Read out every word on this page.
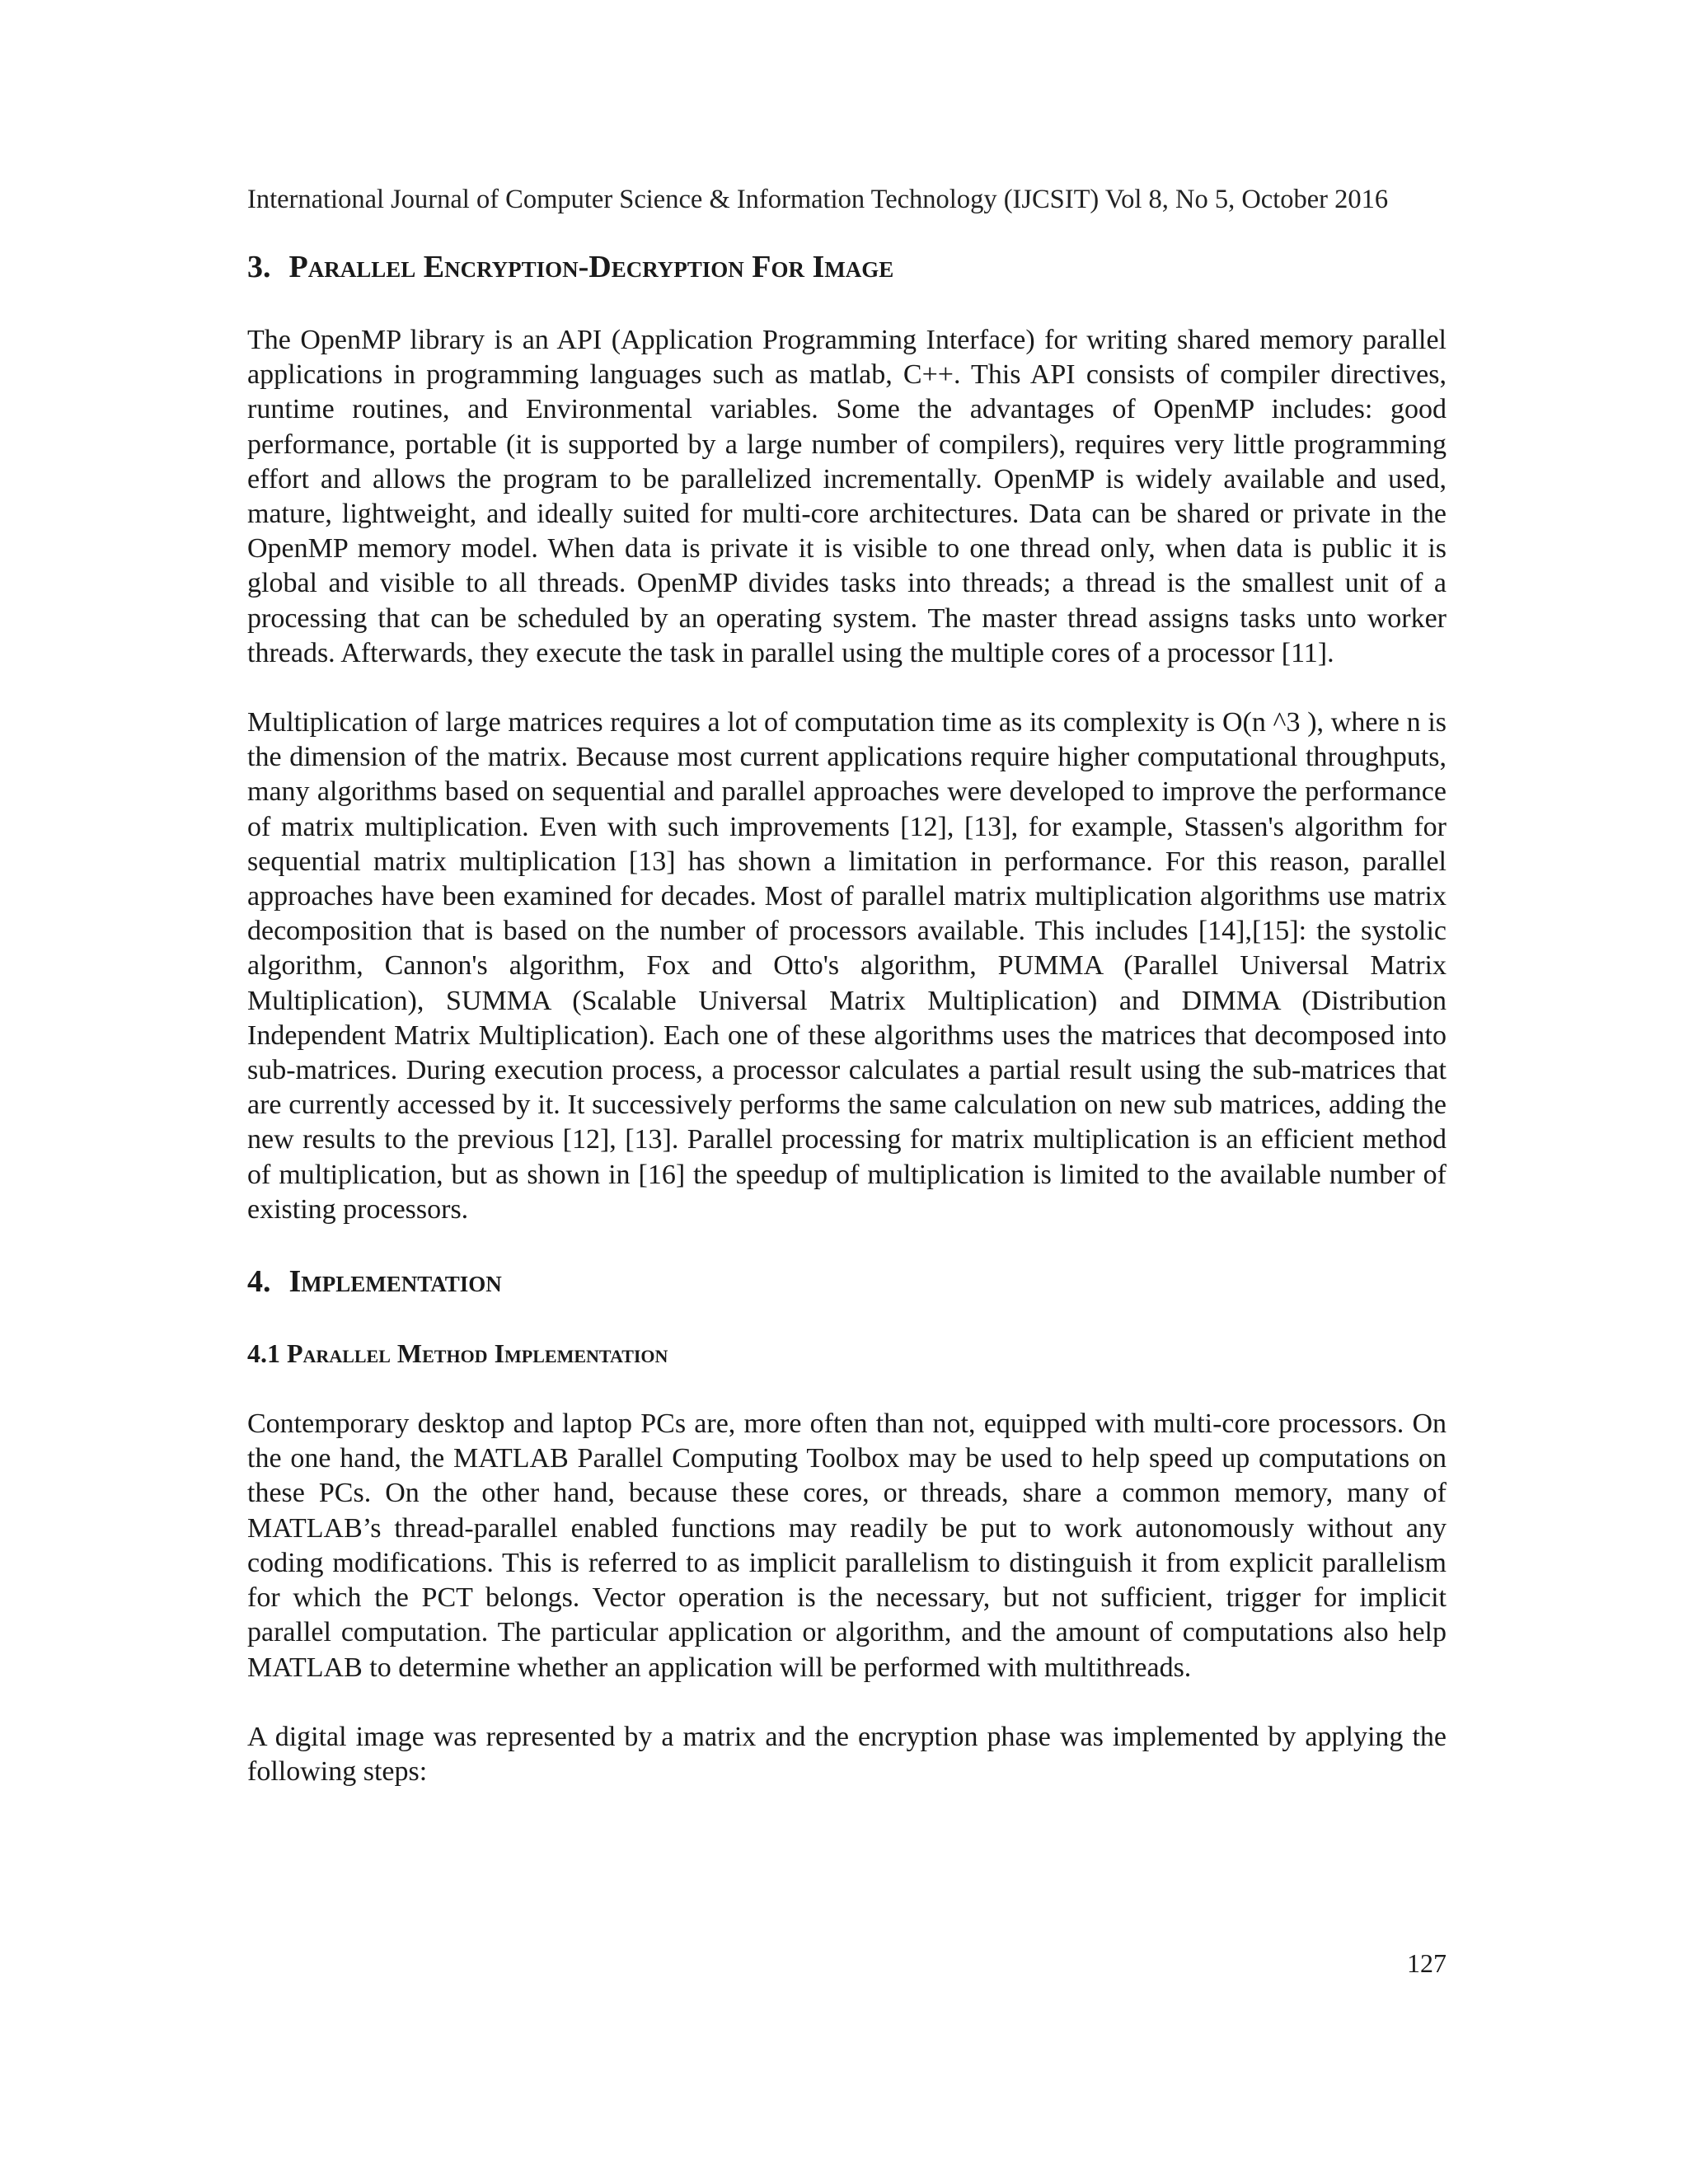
International Journal of Computer Science & Information Technology (IJCSIT) Vol 8, No 5, October 2016
3. Parallel Encryption-Decryption For Image

The OpenMP library is an API (Application Programming Interface) for writing shared memory parallel applications in programming languages such as matlab, C++. This API consists of compiler directives, runtime routines, and Environmental variables. Some the advantages of OpenMP includes: good performance, portable (it is supported by a large number of compilers), requires very little programming effort and allows the program to be parallelized incrementally. OpenMP is widely available and used, mature, lightweight, and ideally suited for multi-core architectures. Data can be shared or private in the OpenMP memory model. When data is private it is visible to one thread only, when data is public it is global and visible to all threads. OpenMP divides tasks into threads; a thread is the smallest unit of a processing that can be scheduled by an operating system. The master thread assigns tasks unto worker threads. Afterwards, they execute the task in parallel using the multiple cores of a processor [11].

Multiplication of large matrices requires a lot of computation time as its complexity is O(n ^3 ), where n is the dimension of the matrix. Because most current applications require higher computational throughputs, many algorithms based on sequential and parallel approaches were developed to improve the performance of matrix multiplication. Even with such improvements [12], [13], for example, Stassen's algorithm for sequential matrix multiplication [13] has shown a limitation in performance. For this reason, parallel approaches have been examined for decades. Most of parallel matrix multiplication algorithms use matrix decomposition that is based on the number of processors available. This includes [14],[15]: the systolic algorithm, Cannon's algorithm, Fox and Otto's algorithm, PUMMA (Parallel Universal Matrix Multiplication), SUMMA (Scalable Universal Matrix Multiplication) and DIMMA (Distribution Independent Matrix Multiplication). Each one of these algorithms uses the matrices that decomposed into sub-matrices. During execution process, a processor calculates a partial result using the sub-matrices that are currently accessed by it. It successively performs the same calculation on new sub matrices, adding the new results to the previous [12], [13]. Parallel processing for matrix multiplication is an efficient method of multiplication, but as shown in [16] the speedup of multiplication is limited to the available number of existing processors.

4. Implementation
4.1 Parallel Method Implementation

Contemporary desktop and laptop PCs are, more often than not, equipped with multi-core processors. On the one hand, the MATLAB Parallel Computing Toolbox may be used to help speed up computations on these PCs. On the other hand, because these cores, or threads, share a common memory, many of MATLAB’s thread-parallel enabled functions may readily be put to work autonomously without any coding modifications. This is referred to as implicit parallelism to distinguish it from explicit parallelism for which the PCT belongs. Vector operation is the necessary, but not sufficient, trigger for implicit parallel computation. The particular application or algorithm, and the amount of computations also help MATLAB to determine whether an application will be performed with multithreads.

A digital image was represented by a matrix and the encryption phase was implemented by applying the following steps:

127
